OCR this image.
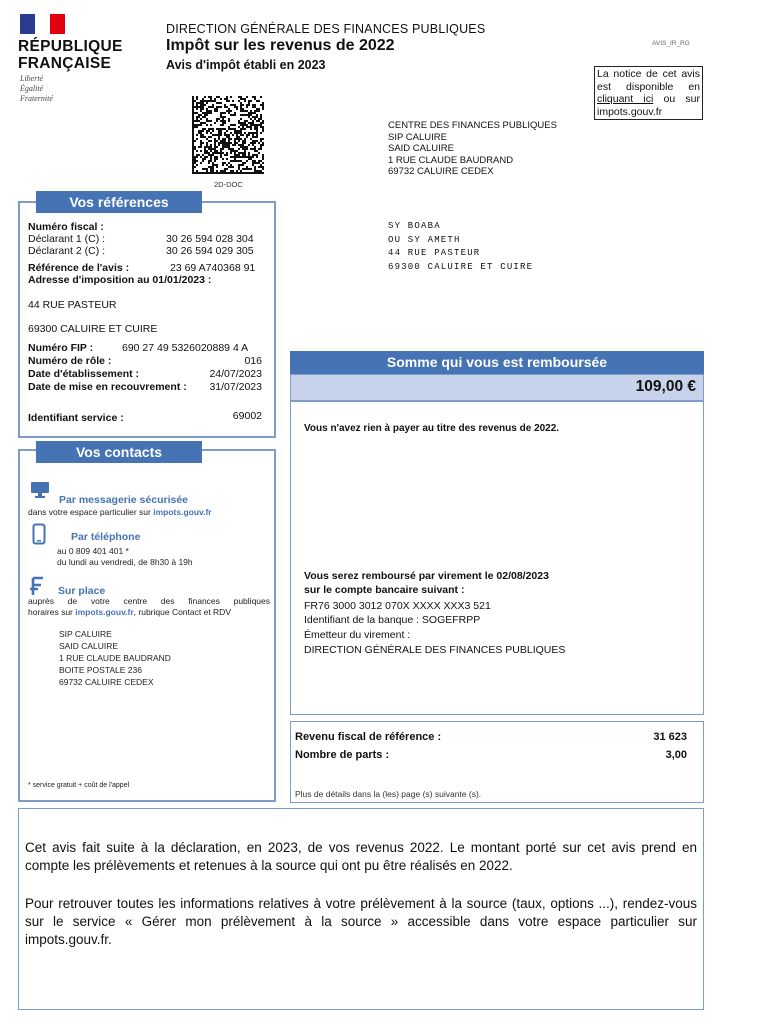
RÉPUBLIQUE
FRANÇAISE
Liberté
Égalité
Fraternité
DIRECTION GÉNÉRALE DES FINANCES PUBLIQUES
Impôt sur les revenus de 2022
Avis d'impôt établi en 2023
AVIS_IR_RG
La notice de cet avis est disponible en cliquant ici ou sur impots.gouv.fr
2D-DOC
CENTRE DES FINANCES PUBLIQUES
SIP CALUIRE
SAID CALUIRE
1 RUE CLAUDE BAUDRAND
69732 CALUIRE CEDEX
SY BOABA
OU SY AMETH
44 RUE PASTEUR
69300 CALUIRE ET CUIRE
Numéro fiscal :
Déclarant 1 (C) :	30 26 594 028 304
Déclarant 2 (C) :	30 26 594 029 305
Référence de l'avis :	23 69 A740368 91
Adresse d'imposition au 01/01/2023 :
44 RUE PASTEUR
69300 CALUIRE ET CUIRE
Numéro FIP :	690 27 49 5326020889 4 A
Numéro de rôle :	016
Date d'établissement :	24/07/2023
Date de mise en recouvrement : 31/07/2023
Identifiant service :	69002
Vos références
Par messagerie sécurisée
dans votre espace particulier sur impots.gouv.fr
Par téléphone
au 0 809 401 401 *
du lundi au vendredi, de 8h30 à 19h
Sur place
auprès de votre centre des finances publiques
horaires sur impots.gouv.fr, rubrique Contact et RDV
SIP CALUIRE
SAID CALUIRE
1 RUE CLAUDE BAUDRAND
BOITE POSTALE 236
69732 CALUIRE CEDEX
* service gratuit + coût de l'appel
Vos contacts
Somme qui vous est remboursée
109,00 €
Vous n'avez rien à payer au titre des revenus de 2022.
Vous serez remboursé par virement le 02/08/2023
sur le compte bancaire suivant :
FR76 3000 3012 070X XXXX XXX3 521
Identifiant de la banque : SOGEFRPP
Émetteur du virement :
DIRECTION GÉNÉRALE DES FINANCES PUBLIQUES
Revenu fiscal de référence :	31 623
Nombre de parts :	3,00
Plus de détails dans la (les) page (s) suivante (s).
Cet avis fait suite à la déclaration, en 2023, de vos revenus 2022. Le montant porté sur cet avis prend en compte les prélèvements et retenues à la source qui ont pu être réalisés en 2022.
Pour retrouver toutes les informations relatives à votre prélèvement à la source (taux, options ...), rendez-vous sur le service « Gérer mon prélèvement à la source » accessible dans votre espace particulier sur impots.gouv.fr.
